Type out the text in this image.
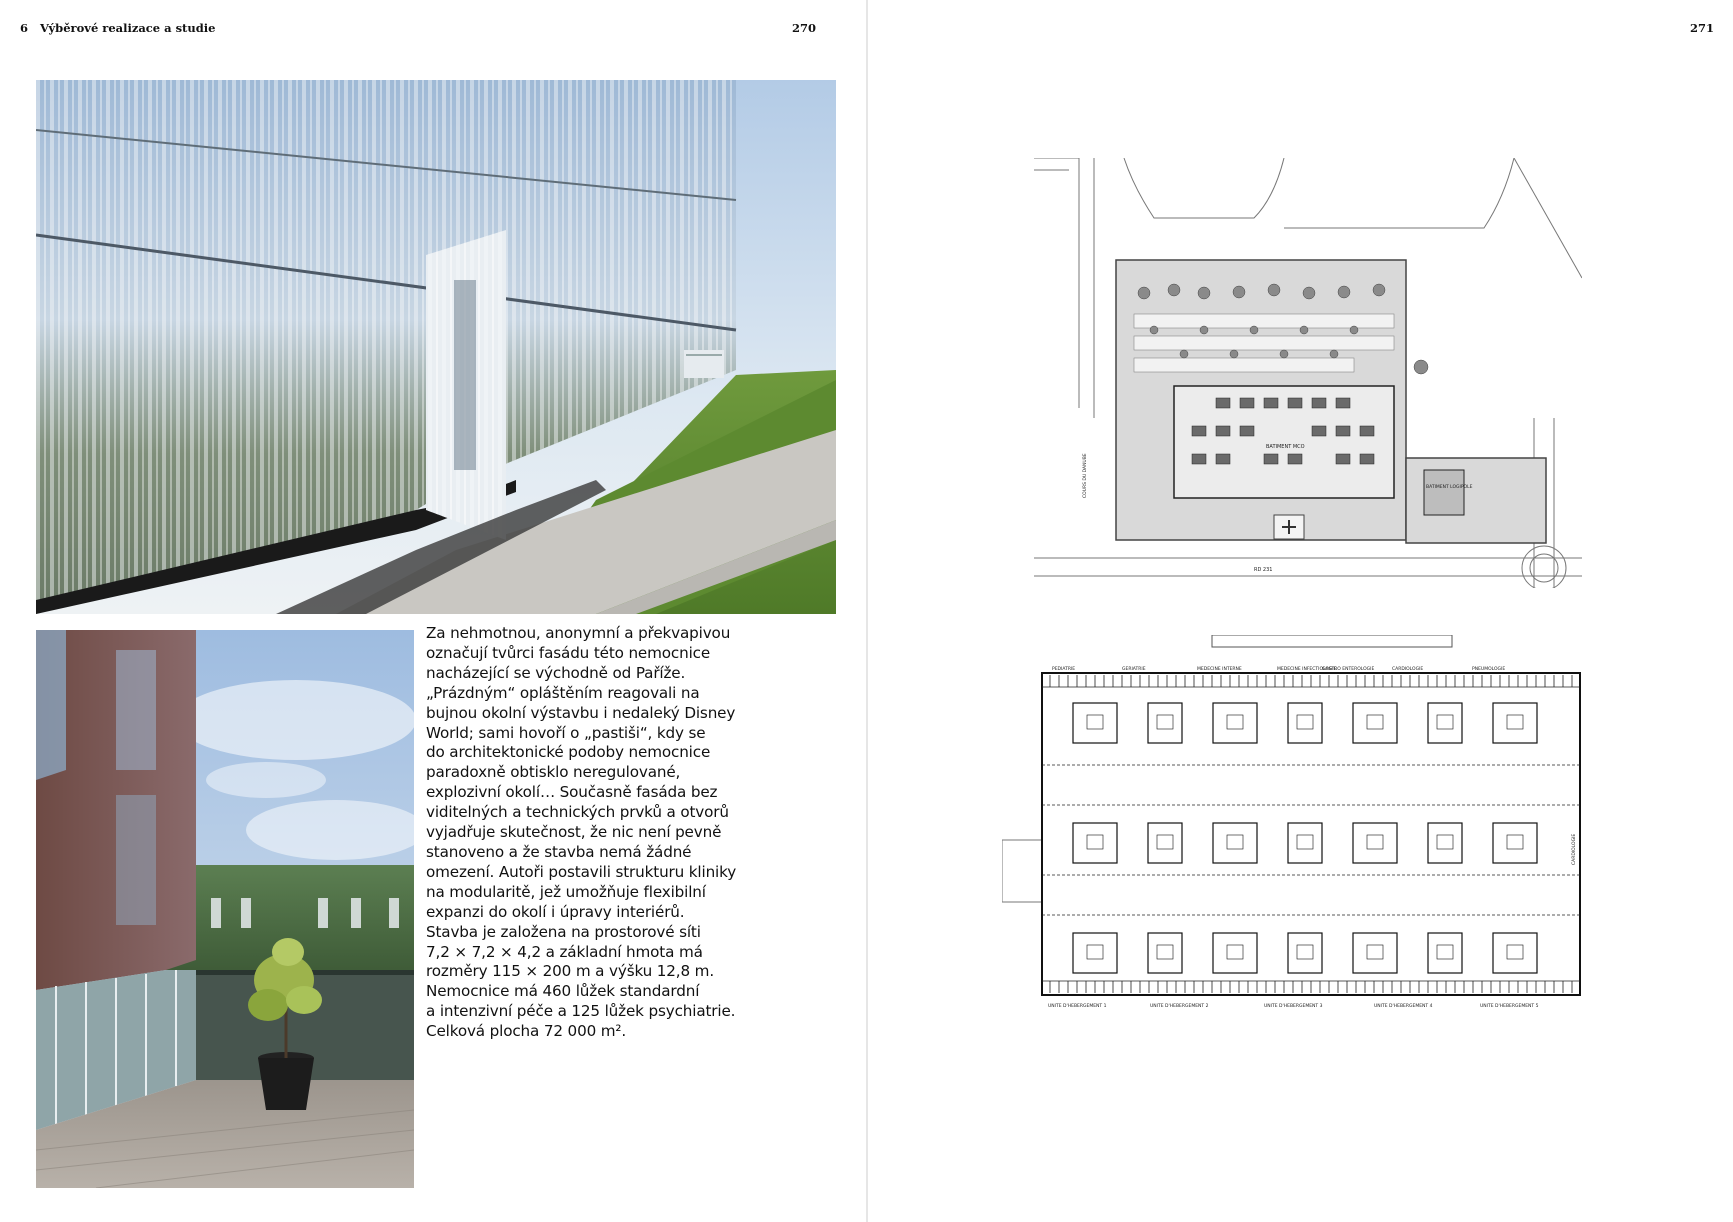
6 Výběrové realizace a studie	270

Za nehmotnou, anonymní a překvapivou
označují tvůrci fasádu této nemocnice
nacházející se východně od Paříže.
„Prázdným“ opláštěním reagovali na
bujnou okolní výstavbu i nedaleký Disney
World; sami hovoří o „pastiši“, kdy se
do architektonické podoby nemocnice
paradoxně obtisklo neregulované,
explozivní okolí… Současně fasáda bez
viditelných a technických prvků a otvorů
vyjadřuje skutečnost, že nic není pevně
stanoveno a že stavba nemá žádné
omezení. Autoři postavili strukturu kliniky
na modularitě, jež umožňuje flexibilní
expanzi do okolí i úpravy interiérů.
Stavba je založena na prostorové síti
7,2 × 7,2 × 4,2 a základní hmota má
rozměry 115 × 200 m a výšku 12,8 m.
Nemocnice má 460 lůžek standardní
a intenzivní péče a 125 lůžek psychiatrie.
Celková plocha 72 000 m².

271
BATIMENT MCO
BATIMENT LOGIPOLE
RD 231
COURS DU DANUBE
PEDIATRIE	GERIATRIE	MEDECINE INTERNE	MEDECINE INFECTIOLOGIE
GASTRO ENTEROLOGIE	CARDIOLOGIE	PNEUMOLOGIE
UNITE D'HEBERGEMENT 1	UNITE D'HEBERGEMENT 2	UNITE D'HEBERGEMENT 3	UNITE D'HEBERGEMENT 4	UNITE D'HEBERGEMENT 5
CARDIOLOGIE
